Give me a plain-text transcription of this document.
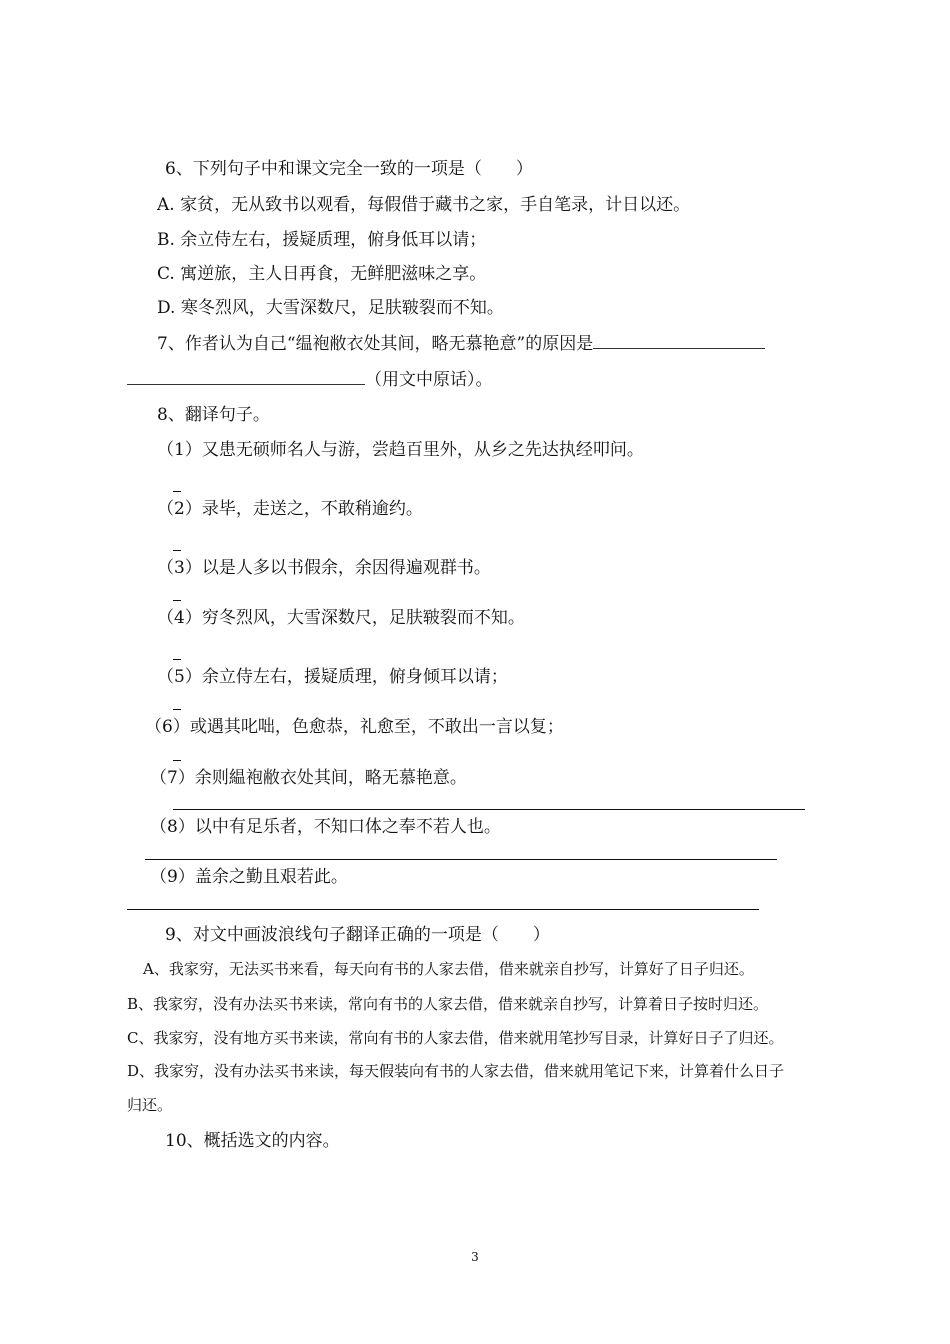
6、下列句子中和课文完全一致的一项是（　　）
A. 家贫，无从致书以观看，每假借于藏书之家，手自笔录，计日以还。
B. 余立侍左右，援疑质理，俯身低耳以请；
C. 寓逆旅，主人日再食，无鲜肥滋味之享。
D. 寒冬烈风，大雪深数尺，足肤皲裂而不知。
7、作者认为自己“缊袍敝衣处其间，略无慕艳意”的原因是
（用文中原话）。
8、翻译句子。
（1）又患无硕师名人与游，尝趋百里外，从乡之先达执经叩问。
（2）录毕，走送之，不敢稍逾约。
（3）以是人多以书假余，余因得遍观群书。
（4）穷冬烈风，大雪深数尺，足肤皲裂而不知。
（5）余立侍左右，援疑质理，俯身倾耳以请；
（6）或遇其叱咄，色愈恭，礼愈至，不敢出一言以复；
（7）余则緼袍敝衣处其间，略无慕艳意。
（8）以中有足乐者，不知口体之奉不若人也。
（9）盖余之勤且艰若此。
9、对文中画波浪线句子翻译正确的一项是（　　）
A、我家穷，无法买书来看，每天向有书的人家去借，借来就亲自抄写，计算好了日子归还。
B、我家穷，没有办法买书来读，常向有书的人家去借，借来就亲自抄写，计算着日子按时归还。
C、我家穷，没有地方买书来读，常向有书的人家去借，借来就用笔抄写目录，计算好日子了归还。
D、我家穷，没有办法买书来读，每天假装向有书的人家去借，借来就用笔记下来，计算着什么日子
归还。
10、概括选文的内容。
3
